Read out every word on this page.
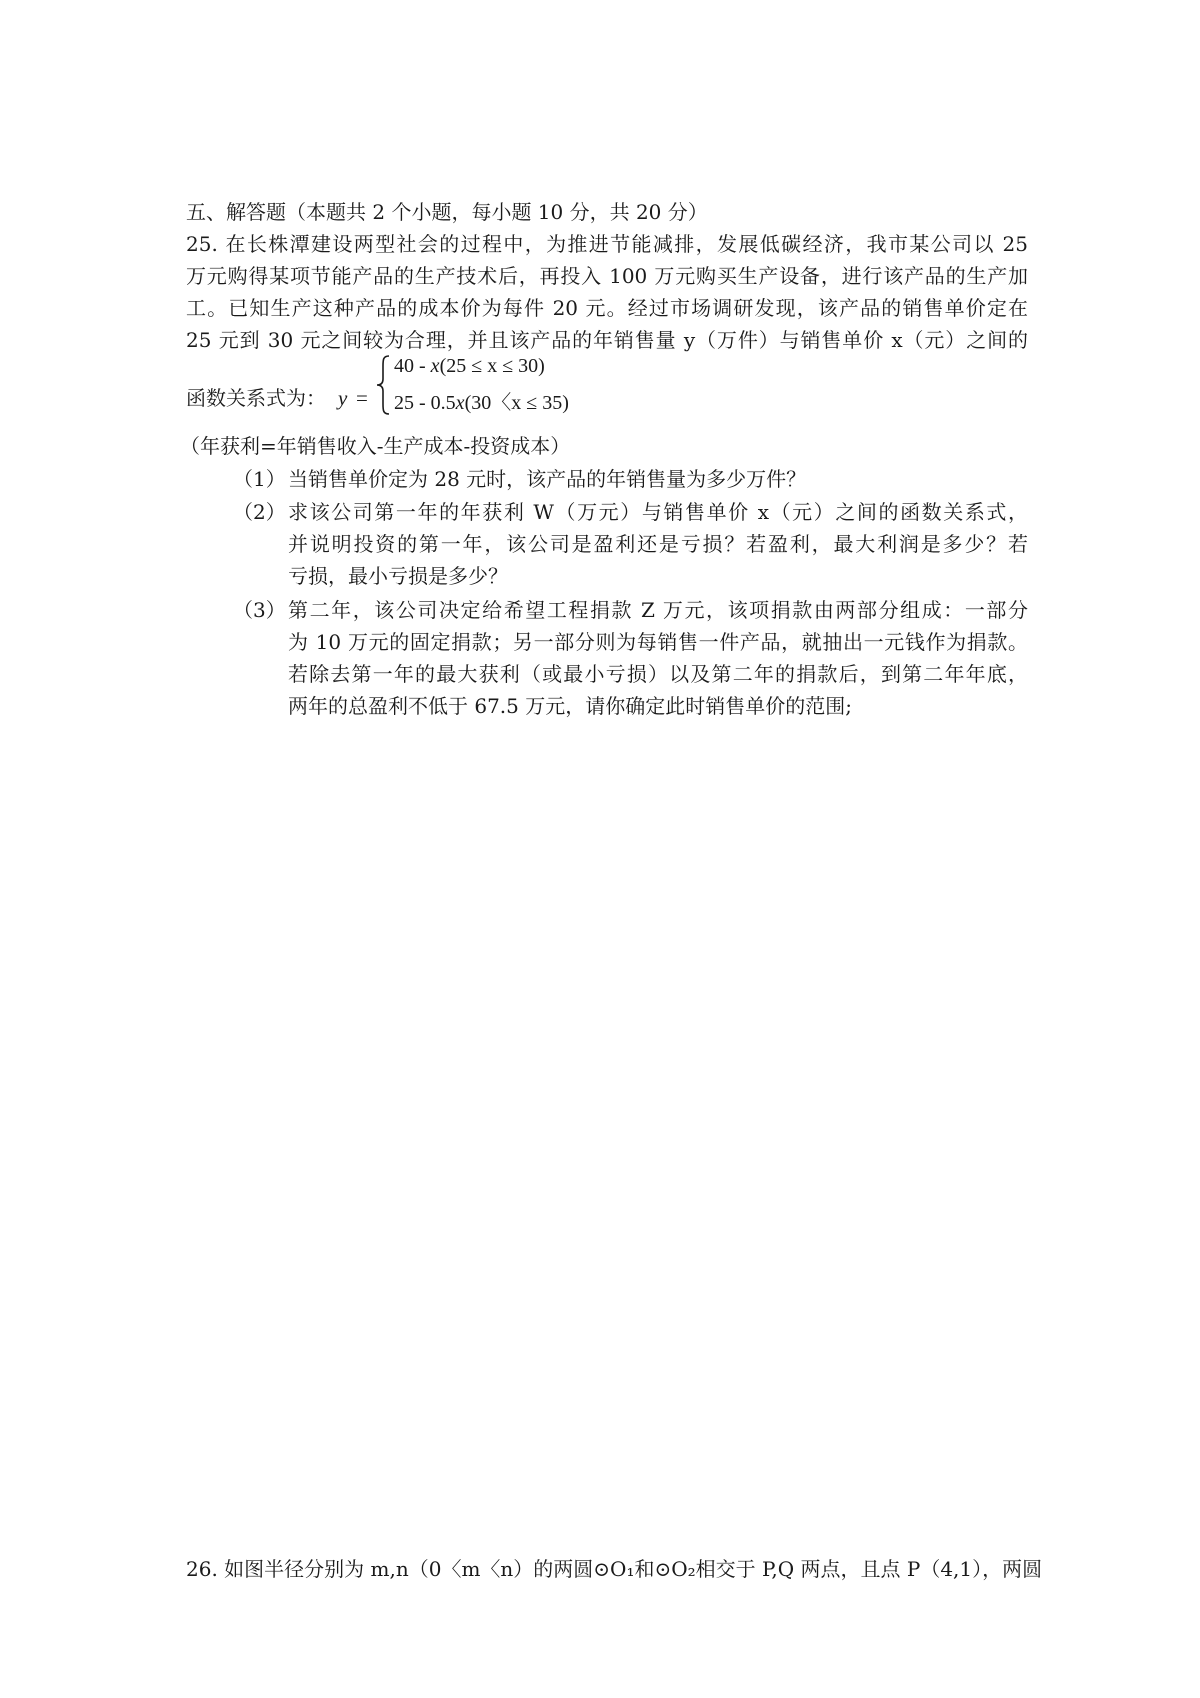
五、解答题（本题共 2 个小题，每小题 10 分，共 20 分）
25. 在长株潭建设两型社会的过程中，为推进节能减排，发展低碳经济，我市某公司以 25
万元购得某项节能产品的生产技术后，再投入 100 万元购买生产设备，进行该产品的生产加
工。已知生产这种产品的成本价为每件 20 元。经过市场调研发现，该产品的销售单价定在
25 元到 30 元之间较为合理，并且该产品的年销售量 y（万件）与销售单价 x（元）之间的
函数关系式为： y =
40 - x(25 ≤ x ≤ 30)
25 - 0.5x(30〈x ≤ 35)
（年获利=年销售收入-生产成本-投资成本）
（1） 当销售单价定为 28 元时，该产品的年销售量为多少万件？
（2） 求该公司第一年的年获利 W（万元）与销售单价 x（元）之间的函数关系式，
并说明投资的第一年，该公司是盈利还是亏损？若盈利，最大利润是多少？若
亏损，最小亏损是多少？
（3） 第二年，该公司决定给希望工程捐款 Z 万元，该项捐款由两部分组成：一部分
为 10 万元的固定捐款；另一部分则为每销售一件产品，就抽出一元钱作为捐款。
若除去第一年的最大获利（或最小亏损）以及第二年的捐款后，到第二年年底，
两年的总盈利不低于 67.5 万元，请你确定此时销售单价的范围;
26. 如图半径分别为 m,n（0〈m〈n）的两圆⊙O₁和⊙O₂相交于 P,Q 两点，且点 P（4,1），两圆
